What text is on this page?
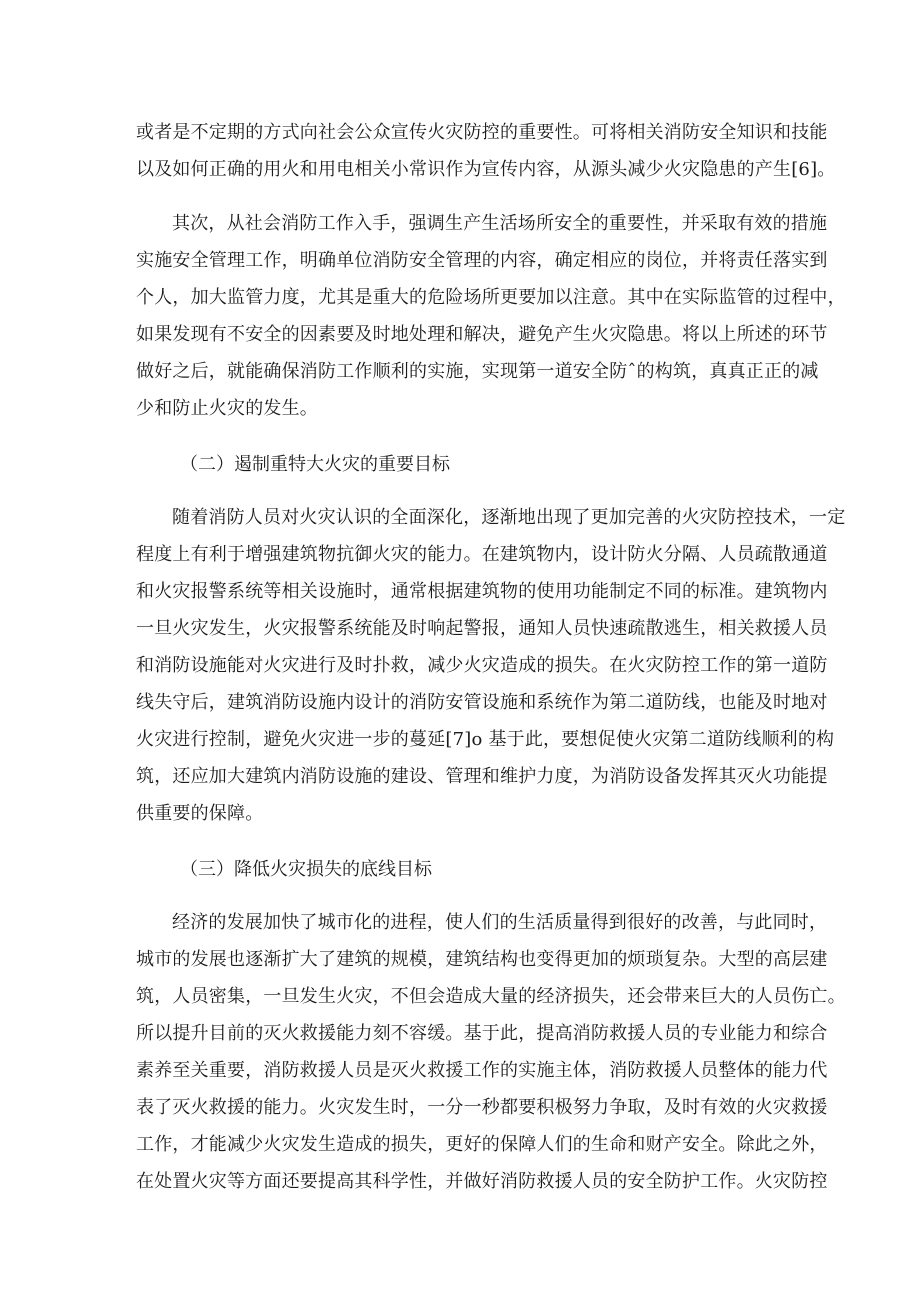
或者是不定期的方式向社会公众宣传火灾防控的重要性。可将相关消防安全知识和技能
以及如何正确的用火和用电相关小常识作为宣传内容，从源头减少火灾隐患的产生[6]。
其次，从社会消防工作入手，强调生产生活场所安全的重要性，并采取有效的措施
实施安全管理工作，明确单位消防安全管理的内容，确定相应的岗位，并将责任落实到
个人，加大监管力度，尤其是重大的危险场所更要加以注意。其中在实际监管的过程中，
如果发现有不安全的因素要及时地处理和解决，避免产生火灾隐患。将以上所述的环节
做好之后，就能确保消防工作顺利的实施，实现第一道安全防ˆ的构筑，真真正正的减
少和防止火灾的发生。
（二）遏制重特大火灾的重要目标
随着消防人员对火灾认识的全面深化，逐渐地出现了更加完善的火灾防控技术，一定
程度上有利于增强建筑物抗御火灾的能力。在建筑物内，设计防火分隔、人员疏散通道
和火灾报警系统等相关设施时，通常根据建筑物的使用功能制定不同的标准。建筑物内
一旦火灾发生，火灾报警系统能及时响起警报，通知人员快速疏散逃生，相关救援人员
和消防设施能对火灾进行及时扑救，减少火灾造成的损失。在火灾防控工作的第一道防
线失守后，建筑消防设施内设计的消防安管设施和系统作为第二道防线，也能及时地对
火灾进行控制，避免火灾进一步的蔓延[7]o 基于此，要想促使火灾第二道防线顺利的构
筑，还应加大建筑内消防设施的建设、管理和维护力度，为消防设备发挥其灭火功能提
供重要的保障。
（三）降低火灾损失的底线目标
经济的发展加快了城市化的进程，使人们的生活质量得到很好的改善，与此同时，
城市的发展也逐渐扩大了建筑的规模，建筑结构也变得更加的烦琐复杂。大型的高层建
筑，人员密集，一旦发生火灾，不但会造成大量的经济损失，还会带来巨大的人员伤亡。
所以提升目前的灭火救援能力刻不容缓。基于此，提高消防救援人员的专业能力和综合
素养至关重要，消防救援人员是灭火救援工作的实施主体，消防救援人员整体的能力代
表了灭火救援的能力。火灾发生时，一分一秒都要积极努力争取，及时有效的火灾救援
工作，才能减少火灾发生造成的损失，更好的保障人们的生命和财产安全。除此之外，
在处置火灾等方面还要提高其科学性，并做好消防救援人员的安全防护工作。火灾防控
